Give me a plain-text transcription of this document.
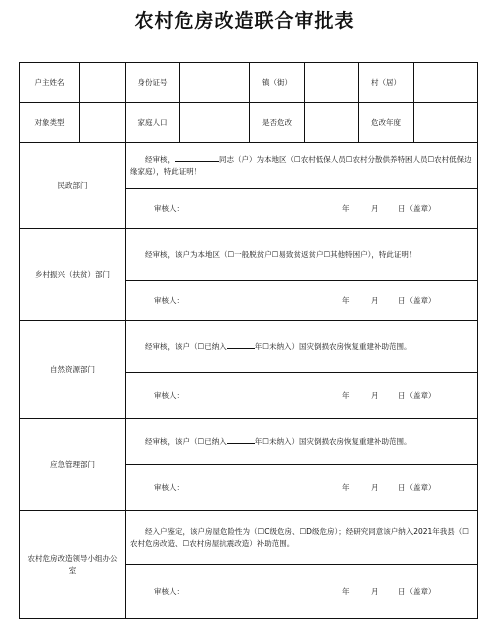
农村危房改造联合审批表
户主姓名		身份证号		镇（街）		村（居）	
对象类型		家庭人口		是否危改		危改年度	
民政部门		经审核， 同志（户）为本地区（☐农村低保人员☐农村分散供养特困人员☐农村低保边缘家庭），特此证明！					

		审核人： 年 月 日（盖章）					

乡村振兴（扶贫）部门		经审核，该户为本地区（☐一般脱贫户☐易致贫返贫户☐其他特困户），特此证明！					

		审核人： 年 月 日（盖章）					

自然资源部门		经审核，该户（☐已纳入 年☐未纳入）国灾倒损农房恢复重建补助范围。					

		审核人： 年 月 日（盖章）					

应急管理部门		经审核，该户（☐已纳入 年☐未纳入）国灾倒损农房恢复重建补助范围。					

		审核人： 年 月 日（盖章）					

农村危房改造领导小组办公室		经入户鉴定，该户房屋危险性为（☐C级危房、☐D级危房）；经研究同意该户纳入2021年我县（☐农村危房改造、☐农村房屋抗震改造）补助范围。					

		审核人： 年 月 日（盖章）					
